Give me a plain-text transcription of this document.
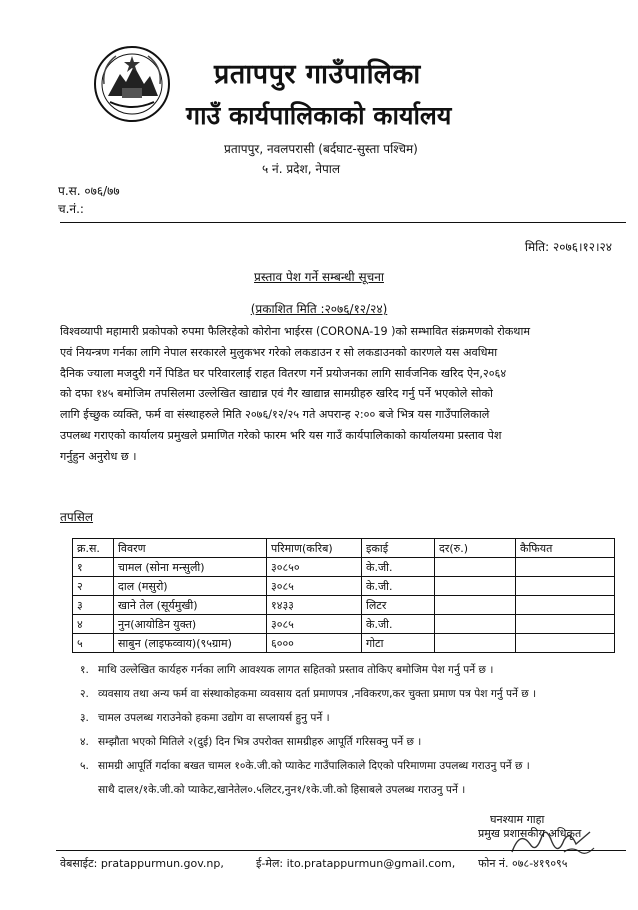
प्रतापपुर गाउँपालिका
गाउँ कार्यपालिकाको कार्यालय
प्रतापपुर, नवलपरासी (बर्दघाट-सुस्ता पश्चिम)
५ नं. प्रदेश, नेपाल
प.स. ०७६/७७
च.नं.:
मिति: २०७६।१२।२४
प्रस्ताव पेश गर्ने सम्बन्धी सूचना
(प्रकाशित मिति :२०७६/१२/२४)
विश्वव्यापी महामारी प्रकोपको रुपमा फैलिरहेको कोरोना भाईरस (CORONA-19 )को सम्भावित संक्रमणको रोकथाम
एवं नियन्त्रण गर्नका लागि नेपाल सरकारले मुलुकभर गरेको लकडाउन र सो लकडाउनको कारणले यस अवधिमा
दैनिक ज्याला मजदुरी गर्ने पिडित घर परिवारलाई राहत वितरण गर्ने प्रयोजनका लागि सार्वजनिक खरिद ऐन,२०६४
को दफा १४५ बमोजिम तपसिलमा उल्लेखित खाद्यान्न एवं गैर खाद्यान्न सामग्रीहरु खरिद गर्नु पर्ने भएकोले सोको
लागि ईच्छुक व्यक्ति, फर्म वा संस्थाहरुले मिति २०७६/१२/२५ गते अपरान्ह २:०० बजे भित्र यस गाउँपालिकाले
उपलब्ध गराएको कार्यालय प्रमुखले प्रमाणित गरेको फारम भरि यस गाउँ कार्यपालिकाको कार्यालयमा प्रस्ताव पेश
गर्नुहुन अनुरोध छ ।
तपसिल
क्र.स.	विवरण	परिमाण(करिब)	इकाई	दर(रु.)	कैफियत
१	चामल (सोना मन्सुली)	३०८५०	के.जी.		
२	दाल (मसुरो)	३०८५	के.जी.		
३	खाने तेल (सूर्यमुखी)	१४३३	लिटर		
४	नुन(आयोडिन युक्त)	३०८५	के.जी.		
५	साबुन (लाइफव्वाय)(९५ग्राम)	६०००	गोटा		
१. माथि उल्लेखित कार्यहरु गर्नका लागि आवश्यक लागत सहितको प्रस्ताव तोकिए बमोजिम पेश गर्नु पर्ने छ ।
२. व्यवसाय तथा अन्य फर्म वा संस्थाकोहकमा व्यवसाय दर्ता प्रमाणपत्र ,नविकरण,कर चुक्ता प्रमाण पत्र पेश गर्नु पर्ने छ ।
३. चामल उपलब्ध गराउनेको हकमा उद्योग वा सप्लायर्स हुनु पर्ने ।
४. सम्झौता भएको मितिले २(दुई) दिन भित्र उपरोक्त सामग्रीहरु आपूर्ति गरिसक्नु पर्ने छ ।
५. सामग्री आपूर्ति गर्दाका बखत चामल १०के.जी.को प्याकेट गाउँपालिकाले दिएको परिमाणमा उपलब्ध गराउनु पर्ने छ ।
साथै दाल१/१के.जी.को प्याकेट,खानेतेल०.५लिटर,नुन१/१के.जी.को हिसाबले उपलब्ध गराउनु पर्ने ।
घनश्याम गाहा
प्रमुख प्रशासकीय अधिकृत
वेबसाईट: pratappurmun.gov.np,	ई-मेल: ito.pratappurmun@gmail.com, फोन नं. ०७८-४१९०९५
